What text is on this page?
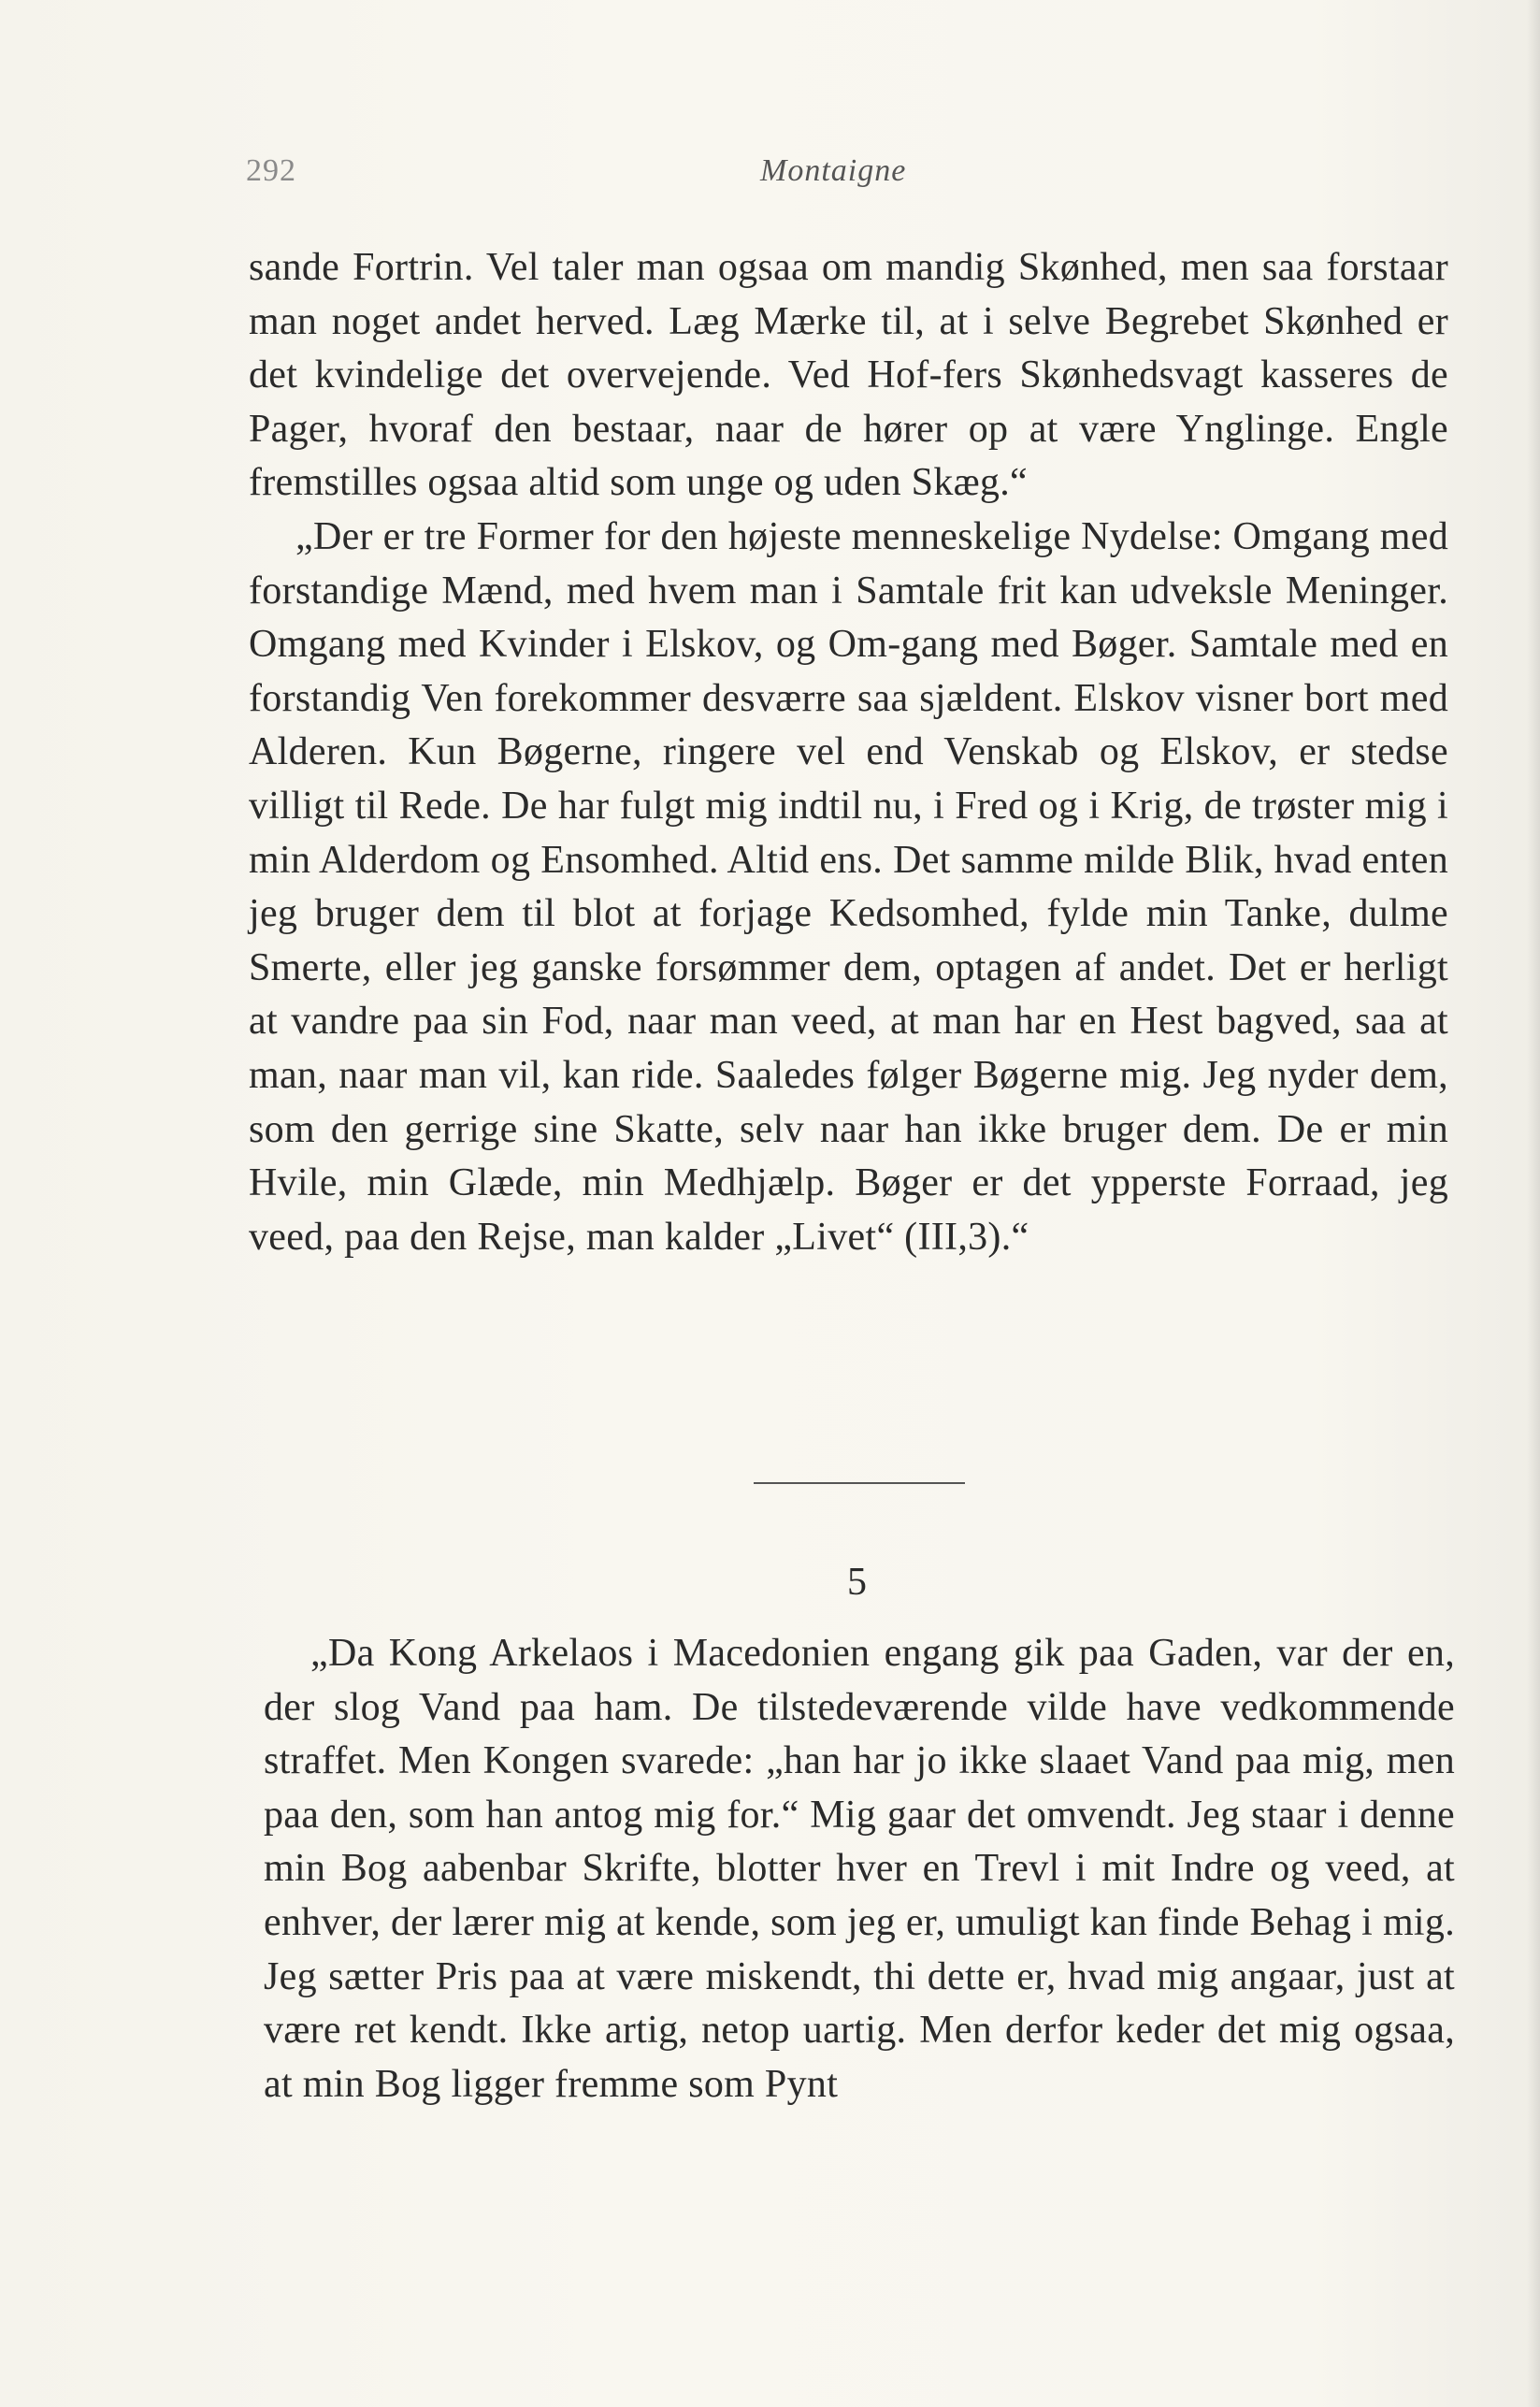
292	Montaigne

sande Fortrin. Vel taler man ogsaa om mandig Skønhed, men saa forstaar man noget andet herved. Læg Mærke til, at i selve Begrebet Skønhed er det kvindelige det overvejende. Ved Hof-fers Skønhedsvagt kasseres de Pager, hvoraf den bestaar, naar de hører op at være Ynglinge. Engle fremstilles ogsaa altid som unge og uden Skæg.“

„Der er tre Former for den højeste menneskelige Nydelse: Omgang med forstandige Mænd, med hvem man i Samtale frit kan udveksle Meninger. Omgang med Kvinder i Elskov, og Om-gang med Bøger. Samtale med en forstandig Ven forekommer desværre saa sjældent. Elskov visner bort med Alderen. Kun Bøgerne, ringere vel end Venskab og Elskov, er stedse villigt til Rede. De har fulgt mig indtil nu, i Fred og i Krig, de trøster mig i min Alderdom og Ensomhed. Altid ens. Det samme milde Blik, hvad enten jeg bruger dem til blot at forjage Kedsomhed, fylde min Tanke, dulme Smerte, eller jeg ganske forsømmer dem, optagen af andet. Det er herligt at vandre paa sin Fod, naar man veed, at man har en Hest bagved, saa at man, naar man vil, kan ride. Saaledes følger Bøgerne mig. Jeg nyder dem, som den gerrige sine Skatte, selv naar han ikke bruger dem. De er min Hvile, min Glæde, min Medhjælp. Bøger er det ypperste Forraad, jeg veed, paa den Rejse, man kalder „Livet“ (III,3).“

5

„Da Kong Arkelaos i Macedonien engang gik paa Gaden, var der en, der slog Vand paa ham. De tilstedeværende vilde have vedkommende straffet. Men Kongen svarede: „han har jo ikke slaaet Vand paa mig, men paa den, som han antog mig for.“ Mig gaar det omvendt. Jeg staar i denne min Bog aabenbar Skrifte, blotter hver en Trevl i mit Indre og veed, at enhver, der lærer mig at kende, som jeg er, umuligt kan finde Behag i mig. Jeg sætter Pris paa at være miskendt, thi dette er, hvad mig angaar, just at være ret kendt. Ikke artig, netop uartig. Men derfor keder det mig ogsaa, at min Bog ligger fremme som Pynt
